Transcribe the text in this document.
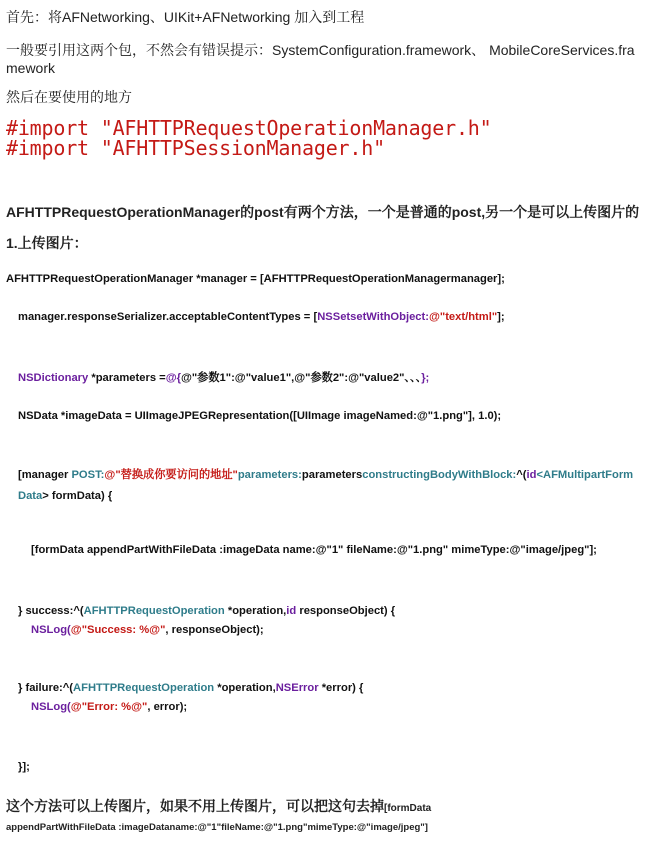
首先：将AFNetworking、UIKit+AFNetworking 加入到工程
一般要引用这两个包，不然会有错误提示：SystemConfiguration.framework、 MobileCoreServices.framework
然后在要使用的地方
#import "AFHTTPRequestOperationManager.h"
#import "AFHTTPSessionManager.h"
AFHTTPRequestOperationManager的post有两个方法，一个是普通的post,另一个是可以上传图片的
1.上传图片：
AFHTTPRequestOperationManager *manager = [AFHTTPRequestOperationManagermanager];
manager.responseSerializer.acceptableContentTypes = [NSSetsetWithObject:@"text/html"];
NSDictionary *parameters =@{@"参数1":@"value1",@"参数2":@"value2"、、、};
NSData *imageData = UIImageJPEGRepresentation([UIImage imageNamed:@"1.png"], 1.0);
[manager POST:@"替换成你要访问的地址"parameters:parametersconstructingBodyWithBlock:^(id<AFMultipartFormData> formData) {
[formData appendPartWithFileData :imageData name:@"1" fileName:@"1.png" mimeType:@"image/jpeg"];
} success:^(AFHTTPRequestOperation *operation,id responseObject) {
NSLog(@"Success: %@", responseObject);
} failure:^(AFHTTPRequestOperation *operation,NSError *error) {
NSLog(@"Error: %@", error);
}];
这个方法可以上传图片，如果不用上传图片，可以把这句去掉[formData
appendPartWithFileData :imageDataname:@"1"fileName:@"1.png"mimeType:@"image/jpeg"]
